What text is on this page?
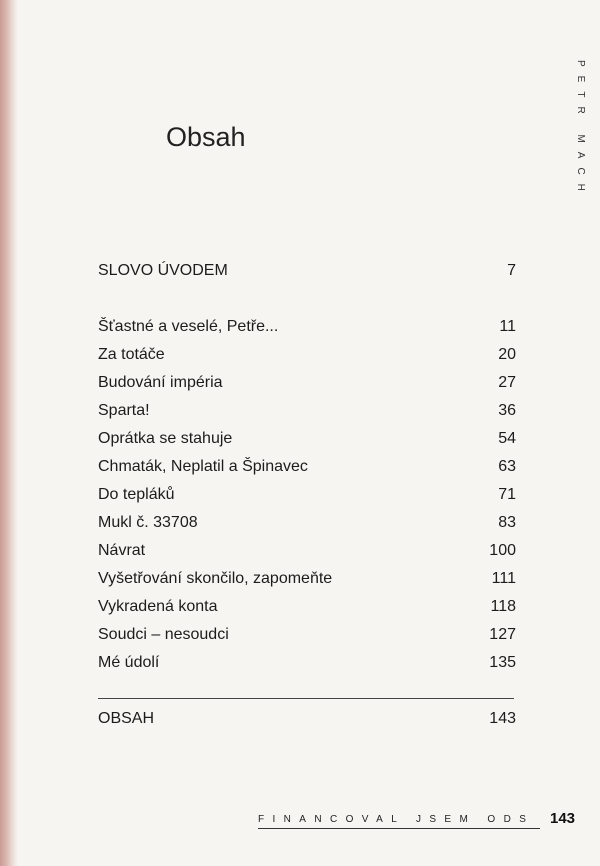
PETR MACH
Obsah
SLOVO ÚVODEM	7
Šťastné a veselé, Petře...	11
Za totáče	20
Budování impéria	27
Sparta!	36
Oprátka se stahuje	54
Chmaták, Neplatil a Špinavec	63
Do tepláků	71
Mukl č. 33708	83
Návrat	100
Vyšetřování skončilo, zapomeňte	111
Vykradená konta	118
Soudci – nesoudci	127
Mé údolí	135
OBSAH	143
FINANCOVAL JSEM ODS 143
